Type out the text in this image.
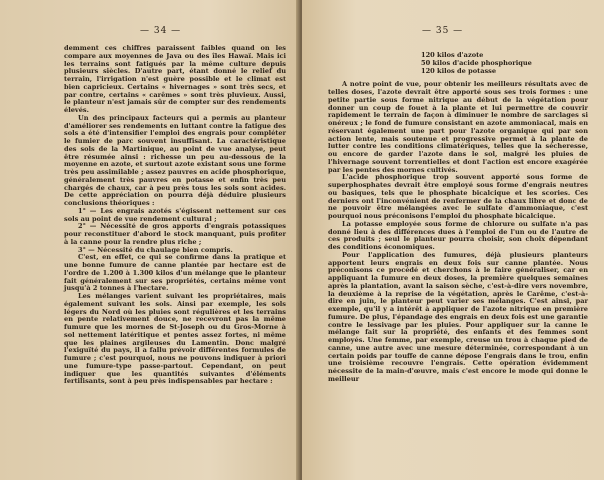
— 34 —

demment ces chiffres paraissent faibles quand on les compare aux moyennes de Java ou des îles Hawaï. Mais ici les terrains sont fatigués par la même culture depuis plusieurs siècles. D'autre part, étant donné le relief du terrain, l'irrigation n'est guère possible et le climat est bien capricieux. Certains « hivernages » sont très secs, et par contre, certains « carêmes » sont très pluvieux. Aussi, le planteur n'est jamais sûr de compter sur des rendements élevés.

Un des principaux facteurs qui a permis au planteur d'améliorer ses rendements en luttant contre la fatigue des sols a été d'intensifier l'emploi des engrais pour compléter le fumier de parc souvent insuffisant. La caractéristique des sols de la Martinique, au point de vue analyse, peut être résumée ainsi : richesse un peu au-dessous de la moyenne en azote, et surtout azote existant sous une forme très peu assimilable ; assez pauvres en acide phosphorique, généralement très pauvres en potasse et enfin très peu chargés de chaux, car à peu près tous les sols sont acides. De cette appréciation on pourra déjà déduire plusieurs conclusions théoriques :

1° — Les engrais azotés s'égissent nettement sur ces sols au point de vue rendement cultural ;

2° — Nécessité de gros apports d'engrais potassiques pour reconstituer d'abord le stock manquant, puis profiter à la canne pour la rendre plus riche ;

3° — Nécessité du chaulage bien compris.

C'est, en effet, ce qui se confirme dans la pratique et une bonne fumure de canne plantée par hectare est de l'ordre de 1.200 à 1.300 kilos d'un mélange que le planteur fait généralement sur ses propriétés, certains même vont jusqu'à 2 tonnes à l'hectare.

Les mélanges varient suivant les propriétaires, mais également suivant les sols. Ainsi par exemple, les sols légers du Nord où les pluies sont régulières et les terrains en pente relativement douce, ne recevront pas la même fumure que les mornes de St-Joseph ou du Gros-Morne à sol nettement latéritique et pentes assez fortes, ni même que les plaines argileuses du Lamentin. Donc malgré l'exiguïté du pays, il a fallu prévoir différentes formules de fumure ; c'est pourquoi, nous ne pouvons indiquer à priori une fumure-type passe-partout. Cependant, on peut indiquer que les quantités suivantes d'éléments fertilisants, sont à peu près indispensables par hectare :

— 35 —
120 kilos d'azote
50 kilos d'acide phosphorique
120 kilos de potasse

A notre point de vue, pour obtenir les meilleurs résultats avec de telles doses, l'azote devrait être apporté sous ses trois formes : une petite partie sous forme nitrique au début de la végétation pour donner un coup de fouet à la plante et lui permettre de couvrir rapidement le terrain de façon à diminuer le nombre de sarclages si onéreux ; le fond de fumure consistant en azote ammoniacal, mais en réservant également une part pour l'azote organique qui par son action lente, mais soutenue et progressive permet à la plante de lutter contre les conditions climatériques, telles que la sécheresse, ou encore de garder l'azote dans le sol, malgré les pluies de l'hivernage souvent torrentielles et dont l'action est encore exagérée par les pentes des mornes cultivés.

L'acide phosphorique trop souvent apporté sous forme de superphosphates devrait être employé sous forme d'engrais neutres ou basiques, tels que le phosphate bicalcique et les scories. Ces derniers ont l'inconvénient de renfermer de la chaux libre et donc de ne pouvoir être mélangées avec le sulfate d'ammoniaque, c'est pourquoi nous préconisons l'emploi du phosphate bicalcique.

La potasse employée sous forme de chlorure ou sulfate n'a pas donné lieu à des différences dues à l'emploi de l'un ou de l'autre de ces produits ; seul le planteur pourra choisir, son choix dépendant des conditions économiques.

Pour l'application des fumures, déjà plusieurs planteurs apportent leurs engrais en deux fois sur canne plantée. Nous préconisons ce procédé et cherchons à le faire généraliser, car en appliquant la fumure en deux doses, la première quelques semaines après la plantation, avant la saison sèche, c'est-à-dire vers novembre, la deuxième à la reprise de la végétation, après le Carême, c'est-à-dire en juin, le planteur peut varier ses mélanges. C'est ainsi, par exemple, qu'il y a intérêt à appliquer de l'azote nitrique en première fumure. De plus, l'épandage des engrais en deux fois est une garantie contre le lessivage par les pluies. Pour appliquer sur la canne le mélange fait sur la propriété, des enfants et des femmes sont employés. Une femme, par exemple, creuse un trou à chaque pied de canne, une autre avec une mesure déterminée, correspondant à un certain poids par touffe de canne dépose l'engrais dans le trou, enfin une troisième recouvre l'engrais. Cette opération évidemment nécessite de la main-d'œuvre, mais c'est encore le mode qui donne le meilleur
